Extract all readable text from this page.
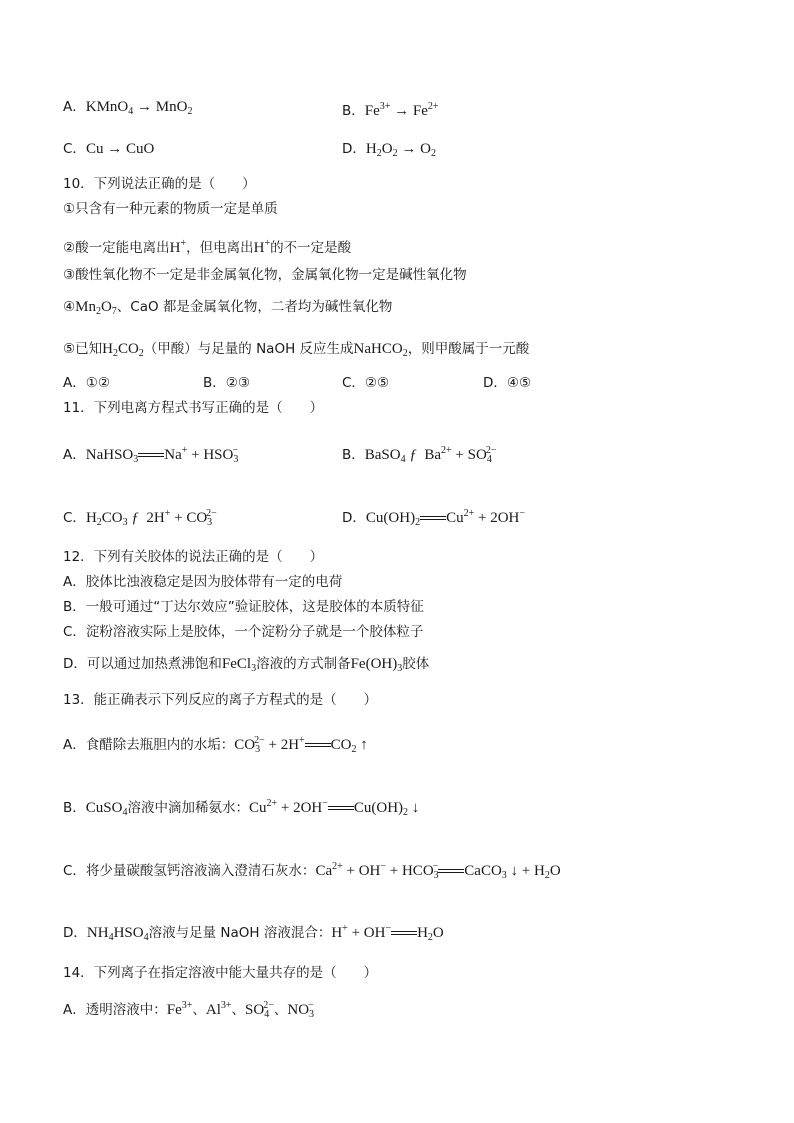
A．KMnO$_4$ → MnO$_2$	B．$Fe^{3+} \to Fe^{2+}$
C．Cu → CuO	D．$H_2O_2 \to O_2$
10．下列说法正确的是（　　）
①只含有一种元素的物质一定是单质
②酸一定能电离出H+，但电离出H+的不一定是酸
③酸性氧化物不一定是非金属氧化物，金属氧化物一定是碱性氧化物
$④Mn_2O_7$、CaO 都是金属氧化物，二者均为碱性氧化物
⑤已知$H_2CO_2$（甲酸）与足量的 NaOH 反应生成NaHCO$_2$，则甲酸属于一元酸
A．①②	B．②③	C．②⑤	D．④⑤
11．下列电离方程式书写正确的是（　　）
A．NaHSO$_3$ $Na^+ + HSO_3^-$	B．BaSO$_4$ ƒ  $Ba^{2+} + SO_4^{2-}$
C．$H_2CO_3$ ƒ  $2H^+ + CO_3^{2-}$	D．$Cu(OH)_2$ $Cu^{2+} + 2OH^-$
12．下列有关胶体的说法正确的是（　　）
A．胶体比浊液稳定是因为胶体带有一定的电荷
B．一般可通过“丁达尔效应”验证胶体，这是胶体的本质特征
C．淀粉溶液实际上是胶体，一个淀粉分子就是一个胶体粒子
D．可以通过加热煮沸饱和FeCl$_3$溶液的方式制备$Fe(OH)_3$胶体
13．能正确表示下列反应的离子方程式的是（　　）
A．食醋除去瓶胆内的水垢：$CO_3^{2-} + 2H^+$ $CO_2$ ↑
B．CuSO$_4$溶液中滴加稀氨水：$Cu^{2+} + 2OH^-$ $Cu(OH)_2$ ↓
C．将少量碳酸氢钙溶液滴入澄清石灰水：$Ca^{2+} + OH^- + HCO_3^-$ CaCO$_3$ ↓ + $H_2O$
D．$NH_4HSO_4$溶液与足量 NaOH 溶液混合：H+ + OH− $H_2O$
14．下列离子在指定溶液中能大量共存的是（　　）
A．透明溶液中：$Fe^{3+}$、$Al^{3+}$、$SO_4^{2-}$、$NO_3^-$
